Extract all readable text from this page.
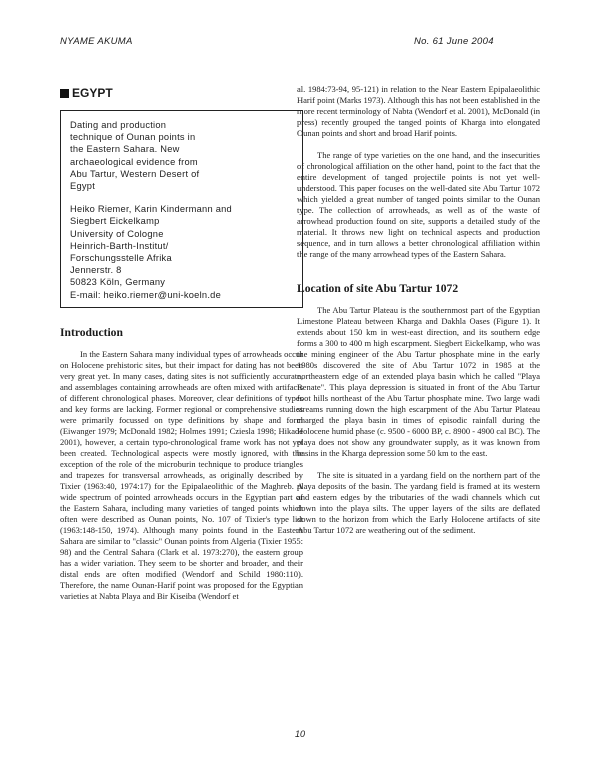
NYAME AKUMA	No. 61 June 2004
EGYPT
Dating and production
technique of Ounan points in
the Eastern Sahara. New
archaeological evidence from
Abu Tartur, Western Desert of
Egypt
Heiko Riemer, Karin Kindermann and
Siegbert Eickelkamp
University of Cologne
Heinrich-Barth-Institut/
Forschungsstelle Afrika
Jennerstr. 8
50823 Köln, Germany
E-mail: heiko.riemer@uni-koeln.de
Introduction

In the Eastern Sahara many individual types of arrowheads occur on Holocene prehistoric sites, but their impact for dating has not been very great yet. In many cases, dating sites is not sufficiently accurate, and assemblages containing arrowheads are often mixed with artifacts of different chronological phases. Moreover, clear definitions of types and key forms are lacking. Former regional or comprehensive studies were primarily focussed on type definitions by shape and form (Eiwanger 1979; McDonald 1982; Holmes 1991; Cziesla 1998; Hikade 2001), however, a certain typo-chronological frame work has not yet been created. Technological aspects were mostly ignored, with the exception of the role of the microburin technique to produce triangles and trapezes for transversal arrowheads, as originally described by Tixier (1963:40, 1974:17) for the Epipalaeolithic of the Maghreb. A wide spectrum of pointed arrowheads occurs in the Egyptian part of the Eastern Sahara, including many varieties of tanged points which often were described as Ounan points, No. 107 of Tixier's type list (1963:148-150, 1974). Although many points found in the Eastern Sahara are similar to "classic" Ounan points from Algeria (Tixier 1955: 98) and the Central Sahara (Clark et al. 1973:270), the eastern group has a wider variation. They seem to be shorter and broader, and their distal ends are often modified (Wendorf and Schild 1980:110). Therefore, the name Ounan-Harif point was proposed for the Egyptian varieties at Nabta Playa and Bir Kiseiba (Wendorf et

al. 1984:73-94, 95-121) in relation to the Near Eastern Epipalaeolithic Harif point (Marks 1973). Although this has not been established in the more recent terminology of Nabta (Wendorf et al. 2001), McDonald (in press) recently grouped the tanged points of Kharga into elongated Ounan points and short and broad Harif points.

The range of type varieties on the one hand, and the insecurities of chronological affiliation on the other hand, point to the fact that the entire development of tanged projectile points is not yet well-understood. This paper focuses on the well-dated site Abu Tartur 1072 which yielded a great number of tanged points similar to the Ounan type. The collection of arrowheads, as well as of the waste of arrowhead production found on site, supports a detailed study of the material. It throws new light on technical aspects and production sequence, and in turn allows a better chronological affiliation within the range of the many arrowhead types of the Eastern Sahara.

Location of site Abu Tartur 1072

The Abu Tartur Plateau is the southernmost part of the Egyptian Limestone Plateau between Kharga and Dakhla Oases (Figure 1). It extends about 150 km in west-east direction, and its southern edge forms a 300 to 400 m high escarpment. Siegbert Eickelkamp, who was the mining engineer of the Abu Tartur phosphate mine in the early 1980s discovered the site of Abu Tartur 1072 in 1985 at the northeastern edge of an extended playa basin which he called "Playa Renate". This playa depression is situated in front of the Abu Tartur foot hills northeast of the Abu Tartur phosphate mine. Two large wadi streams running down the high escarpment of the Abu Tartur Plateau charged the playa basin in times of episodic rainfall during the Holocene humid phase (c. 9500 - 6000 BP, c. 8900 - 4900 cal BC). The playa does not show any groundwater supply, as it was known from basins in the Kharga depression some 50 km to the east.

The site is situated in a yardang field on the northern part of the playa deposits of the basin. The yardang field is framed at its western and eastern edges by the tributaries of the wadi channels which cut down into the playa silts. The upper layers of the silts are deflated down to the horizon from which the Early Holocene artifacts of site Abu Tartur 1072 are weathering out of the sediment.

10
